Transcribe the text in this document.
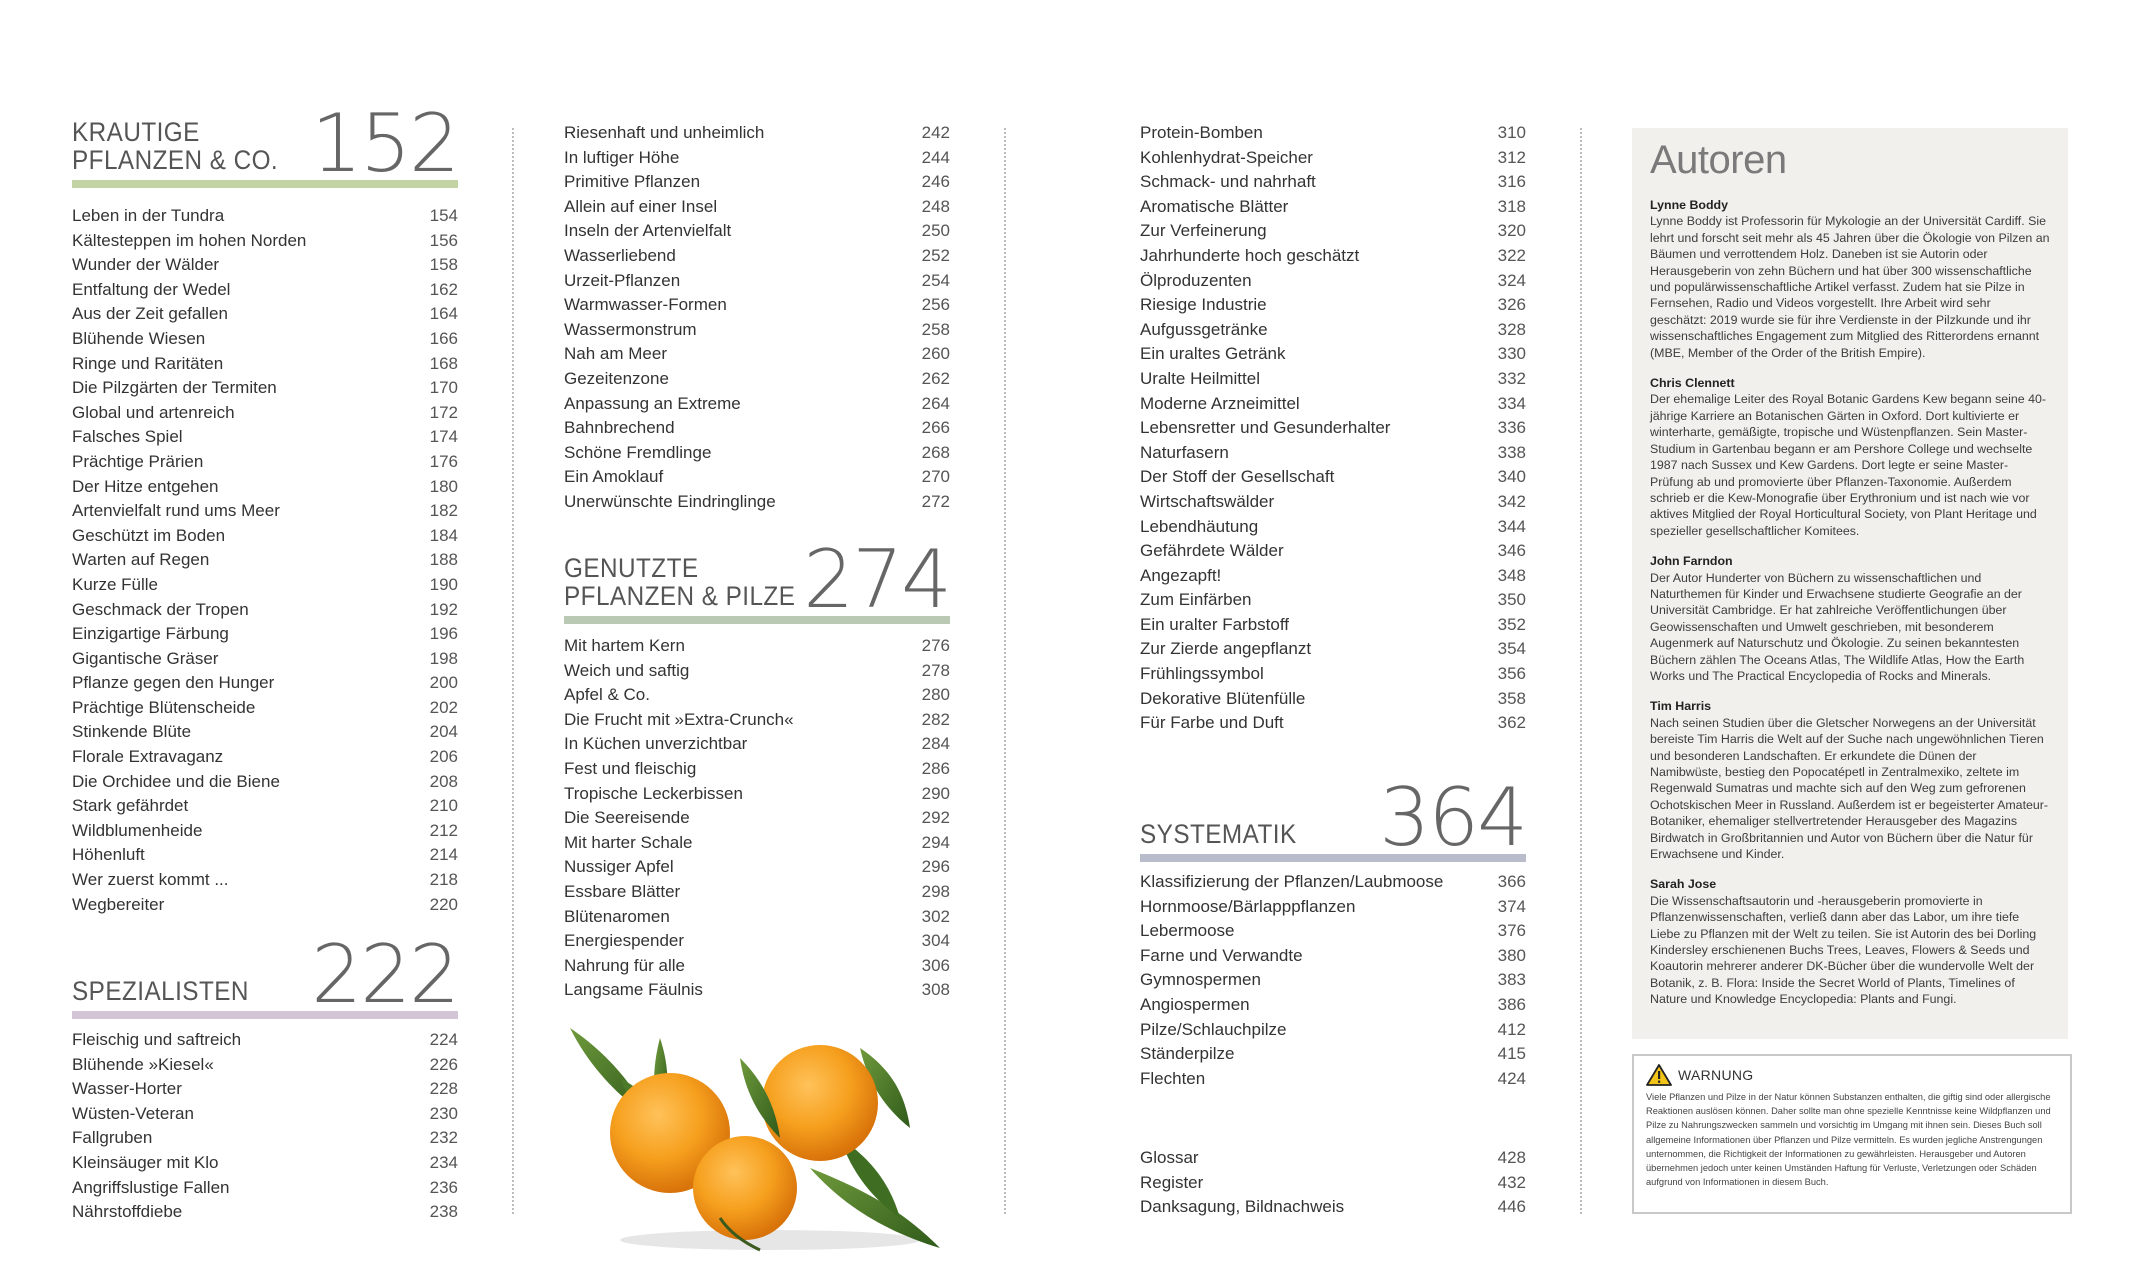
KRAUTIGE
PFLANZEN & CO. 152
Leben in der Tundra	154
Kältesteppen im hohen Norden	156
Wunder der Wälder	158
Entfaltung der Wedel	162
Aus der Zeit gefallen	164
Blühende Wiesen	166
Ringe und Raritäten	168
Die Pilzgärten der Termiten	170
Global und artenreich	172
Falsches Spiel	174
Prächtige Prärien	176
Der Hitze entgehen	180
Artenvielfalt rund ums Meer	182
Geschützt im Boden	184
Warten auf Regen	188
Kurze Fülle	190
Geschmack der Tropen	192
Einzigartige Färbung	196
Gigantische Gräser	198
Pflanze gegen den Hunger	200
Prächtige Blütenscheide	202
Stinkende Blüte	204
Florale Extravaganz	206
Die Orchidee und die Biene	208
Stark gefährdet	210
Wildblumenheide	212
Höhenluft	214
Wer zuerst kommt ...	218
Wegbereiter	220
SPEZIALISTEN 222
Fleischig und saftreich	224
Blühende »Kiesel«	226
Wasser-Horter	228
Wüsten-Veteran	230
Fallgruben	232
Kleinsäuger mit Klo	234
Angriffslustige Fallen	236
Nährstoffdiebe	238
Riesenhaft und unheimlich	242
In luftiger Höhe	244
Primitive Pflanzen	246
Allein auf einer Insel	248
Inseln der Artenvielfalt	250
Wasserliebend	252
Urzeit-Pflanzen	254
Warmwasser-Formen	256
Wassermonstrum	258
Nah am Meer	260
Gezeitenzone	262
Anpassung an Extreme	264
Bahnbrechend	266
Schöne Fremdlinge	268
Ein Amoklauf	270
Unerwünschte Eindringlinge	272
GENUTZTE
PFLANZEN & PILZE 274
Mit hartem Kern	276
Weich und saftig	278
Apfel & Co.	280
Die Frucht mit »Extra-Crunch«	282
In Küchen unverzichtbar	284
Fest und fleischig	286
Tropische Leckerbissen	290
Die Seereisende	292
Mit harter Schale	294
Nussiger Apfel	296
Essbare Blätter	298
Blütenaromen	302
Energiespender	304
Nahrung für alle	306
Langsame Fäulnis	308
Protein-Bomben	310
Kohlenhydrat-Speicher	312
Schmack- und nahrhaft	316
Aromatische Blätter	318
Zur Verfeinerung	320
Jahrhunderte hoch geschätzt	322
Ölproduzenten	324
Riesige Industrie	326
Aufgussgetränke	328
Ein uraltes Getränk	330
Uralte Heilmittel	332
Moderne Arzneimittel	334
Lebensretter und Gesunderhalter	336
Naturfasern	338
Der Stoff der Gesellschaft	340
Wirtschaftswälder	342
Lebendhäutung	344
Gefährdete Wälder	346
Angezapft!	348
Zum Einfärben	350
Ein uralter Farbstoff	352
Zur Zierde angepflanzt	354
Frühlingssymbol	356
Dekorative Blütenfülle	358
Für Farbe und Duft	362
SYSTEMATIK 364
Klassifizierung der Pflanzen/Laubmoose	366
Hornmoose/Bärlapppflanzen	374
Lebermoose	376
Farne und Verwandte	380
Gymnospermen	383
Angiospermen	386
Pilze/Schlauchpilze	412
Ständerpilze	415
Flechten	424
Glossar	428
Register	432
Danksagung, Bildnachweis	446
Autoren
Lynne Boddy
Lynne Boddy ist Professorin für Mykologie an der Universität Cardiff. Sie lehrt und forscht seit mehr als 45 Jahren über die Ökologie von Pilzen an Bäumen und verrottendem Holz. Daneben ist sie Autorin oder Herausgeberin von zehn Büchern und hat über 300 wissenschaftliche und populärwissenschaftliche Artikel verfasst. Zudem hat sie Pilze in Fernsehen, Radio und Videos vorgestellt. Ihre Arbeit wird sehr geschätzt: 2019 wurde sie für ihre Verdienste in der Pilzkunde und ihr wissenschaftliches Engagement zum Mitglied des Ritterordens ernannt (MBE, Member of the Order of the British Empire).
Chris Clennett
Der ehemalige Leiter des Royal Botanic Gardens Kew begann seine 40-jährige Karriere an Botanischen Gärten in Oxford. Dort kultivierte er winterharte, gemäßigte, tropische und Wüstenpflanzen. Sein Master-Studium in Gartenbau begann er am Pershore College und wechselte 1987 nach Sussex und Kew Gardens. Dort legte er seine Master-Prüfung ab und promovierte über Pflanzen-Taxonomie. Außerdem schrieb er die Kew-Monografie über Erythronium und ist nach wie vor aktives Mitglied der Royal Horticultural Society, von Plant Heritage und spezieller gesellschaftlicher Komitees.
John Farndon
Der Autor Hunderter von Büchern zu wissenschaftlichen und Naturthemen für Kinder und Erwachsene studierte Geografie an der Universität Cambridge. Er hat zahlreiche Veröffentlichungen über Geowissenschaften und Umwelt geschrieben, mit besonderem Augenmerk auf Naturschutz und Ökologie. Zu seinen bekanntesten Büchern zählen The Oceans Atlas, The Wildlife Atlas, How the Earth Works und The Practical Encyclopedia of Rocks and Minerals.
Tim Harris
Nach seinen Studien über die Gletscher Norwegens an der Universität bereiste Tim Harris die Welt auf der Suche nach ungewöhnlichen Tieren und besonderen Landschaften. Er erkundete die Dünen der Namibwüste, bestieg den Popocatépetl in Zentralmexiko, zeltete im Regenwald Sumatras und machte sich auf den Weg zum gefrorenen Ochotskischen Meer in Russland. Außerdem ist er begeisterter Amateur-Botaniker, ehemaliger stellvertretender Herausgeber des Magazins Birdwatch in Großbritannien und Autor von Büchern über die Natur für Erwachsene und Kinder.
Sarah Jose
Die Wissenschaftsautorin und -herausgeberin promovierte in Pflanzenwissenschaften, verließ dann aber das Labor, um ihre tiefe Liebe zu Pflanzen mit der Welt zu teilen. Sie ist Autorin des bei Dorling Kindersley erschienenen Buchs Trees, Leaves, Flowers & Seeds und Koautorin mehrerer anderer DK-Bücher über die wundervolle Welt der Botanik, z. B. Flora: Inside the Secret World of Plants, Timelines of Nature und Knowledge Encyclopedia: Plants and Fungi.
WARNUNG
Viele Pflanzen und Pilze in der Natur können Substanzen enthalten, die giftig sind oder allergische Reaktionen auslösen können. Daher sollte man ohne spezielle Kenntnisse keine Wildpflanzen und Pilze zu Nahrungszwecken sammeln und vorsichtig im Umgang mit ihnen sein. Dieses Buch soll allgemeine Informationen über Pflanzen und Pilze vermitteln. Es wurden jegliche Anstrengungen unternommen, die Richtigkeit der Informationen zu gewährleisten. Herausgeber und Autoren übernehmen jedoch unter keinen Umständen Haftung für Verluste, Verletzungen oder Schäden aufgrund von Informationen in diesem Buch.
